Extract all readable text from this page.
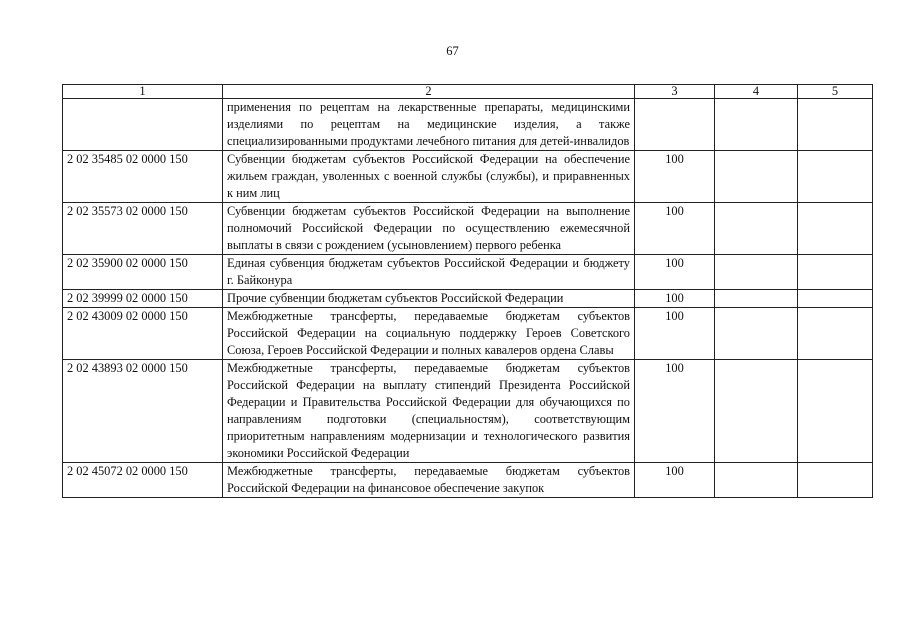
67
1	2	3	4	5
	применения по рецептам на лекарственные препараты, медицинскими изделиями по рецептам на медицинские изделия, а также специализированными продуктами лечебного питания для детей-инвалидов			
2 02 35485 02 0000 150	Субвенции бюджетам субъектов Российской Федерации на обеспечение жильем граждан, уволенных с военной службы (службы), и приравненных к ним лиц	100		
2 02 35573 02 0000 150	Субвенции бюджетам субъектов Российской Федерации на выполнение полномочий Российской Федерации по осуществлению ежемесячной выплаты в связи с рождением (усыновлением) первого ребенка	100		
2 02 35900 02 0000 150	Единая субвенция бюджетам субъектов Российской Федерации и бюджету г. Байконура	100		
2 02 39999 02 0000 150	Прочие субвенции бюджетам субъектов Российской Федерации	100		
2 02 43009 02 0000 150	Межбюджетные трансферты, передаваемые бюджетам субъектов Российской Федерации на социальную поддержку Героев Советского Союза, Героев Российской Федерации и полных кавалеров ордена Славы	100		
2 02 43893 02 0000 150	Межбюджетные трансферты, передаваемые бюджетам субъектов Российской Федерации на выплату стипендий Президента Российской Федерации и Правительства Российской Федерации для обучающихся по направлениям подготовки (специальностям), соответствующим приоритетным направлениям модернизации и технологического развития экономики Российской Федерации	100		
2 02 45072 02 0000 150	Межбюджетные трансферты, передаваемые бюджетам субъектов Российской Федерации на финансовое обеспечение закупок	100		
